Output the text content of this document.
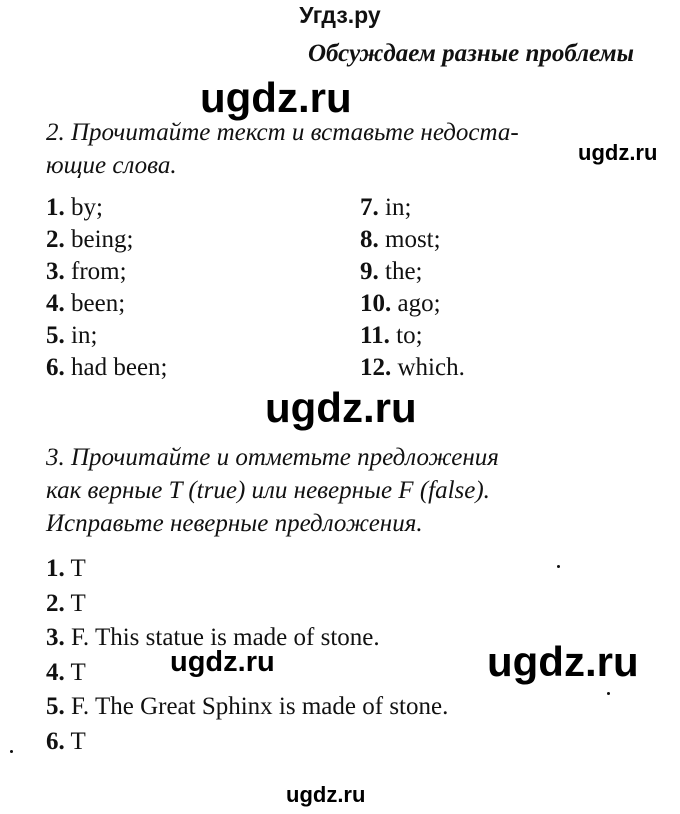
Угдз.ру
Обсуждаем разные проблемы
ugdz.ru
ugdz.ru
2. Прочитайте текст и вставьте недоста-
ющие слова.
1. by;
2. being;
3. from;
4. been;
5. in;
6. had been;
7. in;
8. most;
9. the;
10. ago;
11. to;
12. which.
ugdz.ru
3. Прочитайте и отметьте предложения
как верные T (true) или неверные F (false).
Исправьте неверные предложения.
1. T
2. T
3. F. This statue is made of stone.
4. T
5. F. The Great Sphinx is made of stone.
6. T
ugdz.ru	ugdz.ru
ugdz.ru
